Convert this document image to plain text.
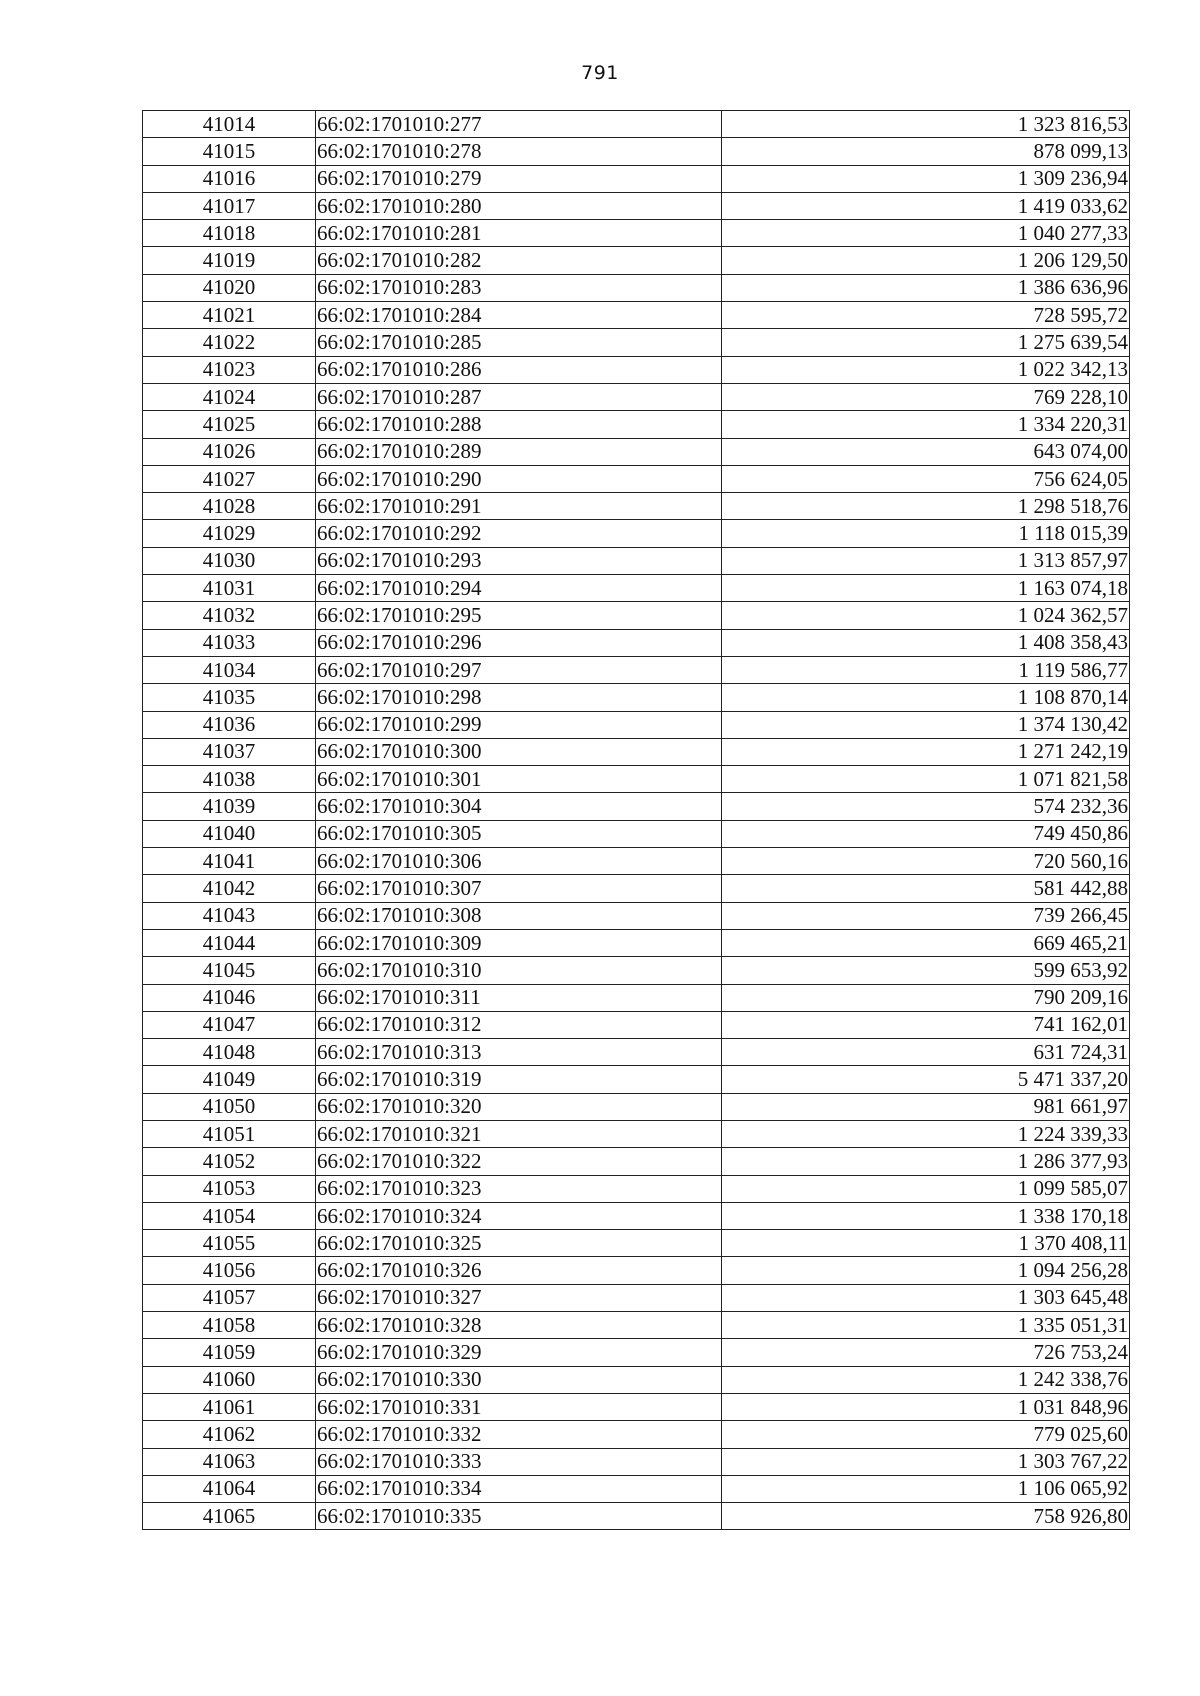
791
41014	66:02:1701010:277	1 323 816,53
41015	66:02:1701010:278	878 099,13
41016	66:02:1701010:279	1 309 236,94
41017	66:02:1701010:280	1 419 033,62
41018	66:02:1701010:281	1 040 277,33
41019	66:02:1701010:282	1 206 129,50
41020	66:02:1701010:283	1 386 636,96
41021	66:02:1701010:284	728 595,72
41022	66:02:1701010:285	1 275 639,54
41023	66:02:1701010:286	1 022 342,13
41024	66:02:1701010:287	769 228,10
41025	66:02:1701010:288	1 334 220,31
41026	66:02:1701010:289	643 074,00
41027	66:02:1701010:290	756 624,05
41028	66:02:1701010:291	1 298 518,76
41029	66:02:1701010:292	1 118 015,39
41030	66:02:1701010:293	1 313 857,97
41031	66:02:1701010:294	1 163 074,18
41032	66:02:1701010:295	1 024 362,57
41033	66:02:1701010:296	1 408 358,43
41034	66:02:1701010:297	1 119 586,77
41035	66:02:1701010:298	1 108 870,14
41036	66:02:1701010:299	1 374 130,42
41037	66:02:1701010:300	1 271 242,19
41038	66:02:1701010:301	1 071 821,58
41039	66:02:1701010:304	574 232,36
41040	66:02:1701010:305	749 450,86
41041	66:02:1701010:306	720 560,16
41042	66:02:1701010:307	581 442,88
41043	66:02:1701010:308	739 266,45
41044	66:02:1701010:309	669 465,21
41045	66:02:1701010:310	599 653,92
41046	66:02:1701010:311	790 209,16
41047	66:02:1701010:312	741 162,01
41048	66:02:1701010:313	631 724,31
41049	66:02:1701010:319	5 471 337,20
41050	66:02:1701010:320	981 661,97
41051	66:02:1701010:321	1 224 339,33
41052	66:02:1701010:322	1 286 377,93
41053	66:02:1701010:323	1 099 585,07
41054	66:02:1701010:324	1 338 170,18
41055	66:02:1701010:325	1 370 408,11
41056	66:02:1701010:326	1 094 256,28
41057	66:02:1701010:327	1 303 645,48
41058	66:02:1701010:328	1 335 051,31
41059	66:02:1701010:329	726 753,24
41060	66:02:1701010:330	1 242 338,76
41061	66:02:1701010:331	1 031 848,96
41062	66:02:1701010:332	779 025,60
41063	66:02:1701010:333	1 303 767,22
41064	66:02:1701010:334	1 106 065,92
41065	66:02:1701010:335	758 926,80
